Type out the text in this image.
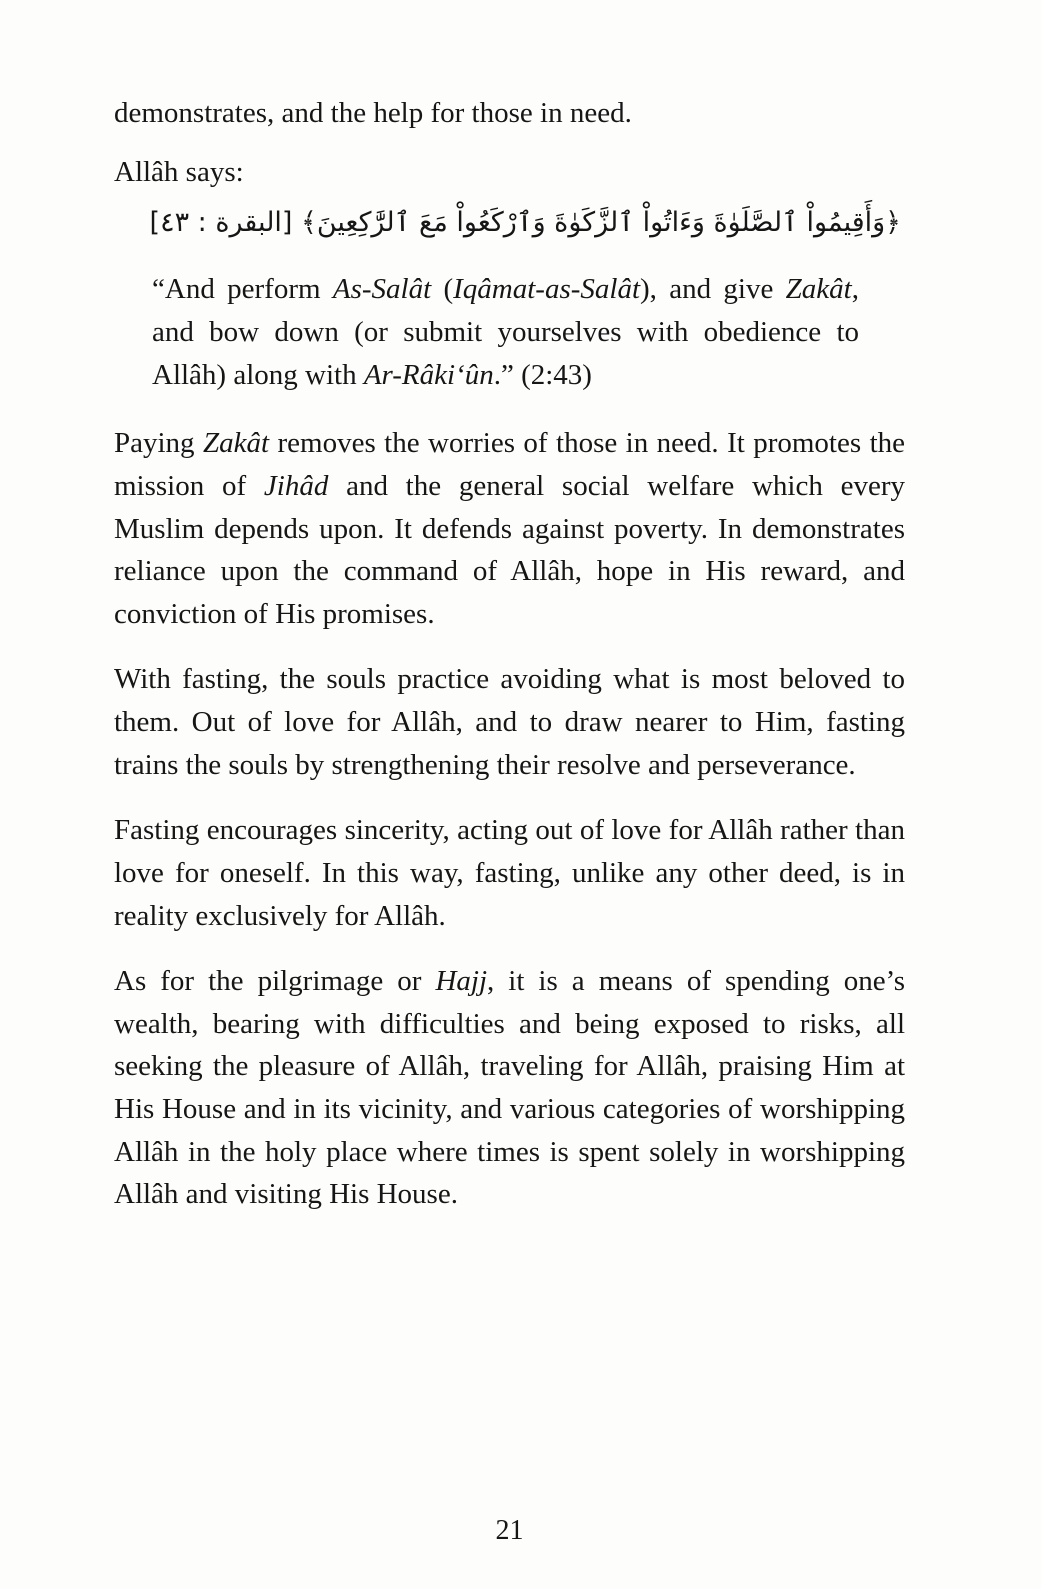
demonstrates, and the help for those in need.

Allâh says:

﴿وَأَقِيمُواْ ٱلصَّلَوٰةَ وَءَاتُواْ ٱلزَّكَوٰةَ وَٱرْكَعُواْ مَعَ ٱلرَّٰكِعِينَ﴾ [البقرة : ٤٣]

“And perform As-Salât (Iqâmat-as-Salât), and give Zakât, and bow down (or submit yourselves with obedience to Allâh) along with Ar-Râki‘ûn.” (2:43)

Paying Zakât removes the worries of those in need. It promotes the mission of Jihâd and the general social welfare which every Muslim depends upon. It defends against poverty. In demonstrates reliance upon the command of Allâh, hope in His reward, and conviction of His promises.

With fasting, the souls practice avoiding what is most beloved to them. Out of love for Allâh, and to draw nearer to Him, fasting trains the souls by strengthening their resolve and perseverance.

Fasting encourages sincerity, acting out of love for Allâh rather than love for oneself. In this way, fasting, unlike any other deed, is in reality exclusively for Allâh.

As for the pilgrimage or Hajj, it is a means of spending one’s wealth, bearing with difficulties and being exposed to risks, all seeking the pleasure of Allâh, traveling for Allâh, praising Him at His House and in its vicinity, and various categories of worshipping Allâh in the holy place where times is spent solely in worshipping Allâh and visiting His House.

21
